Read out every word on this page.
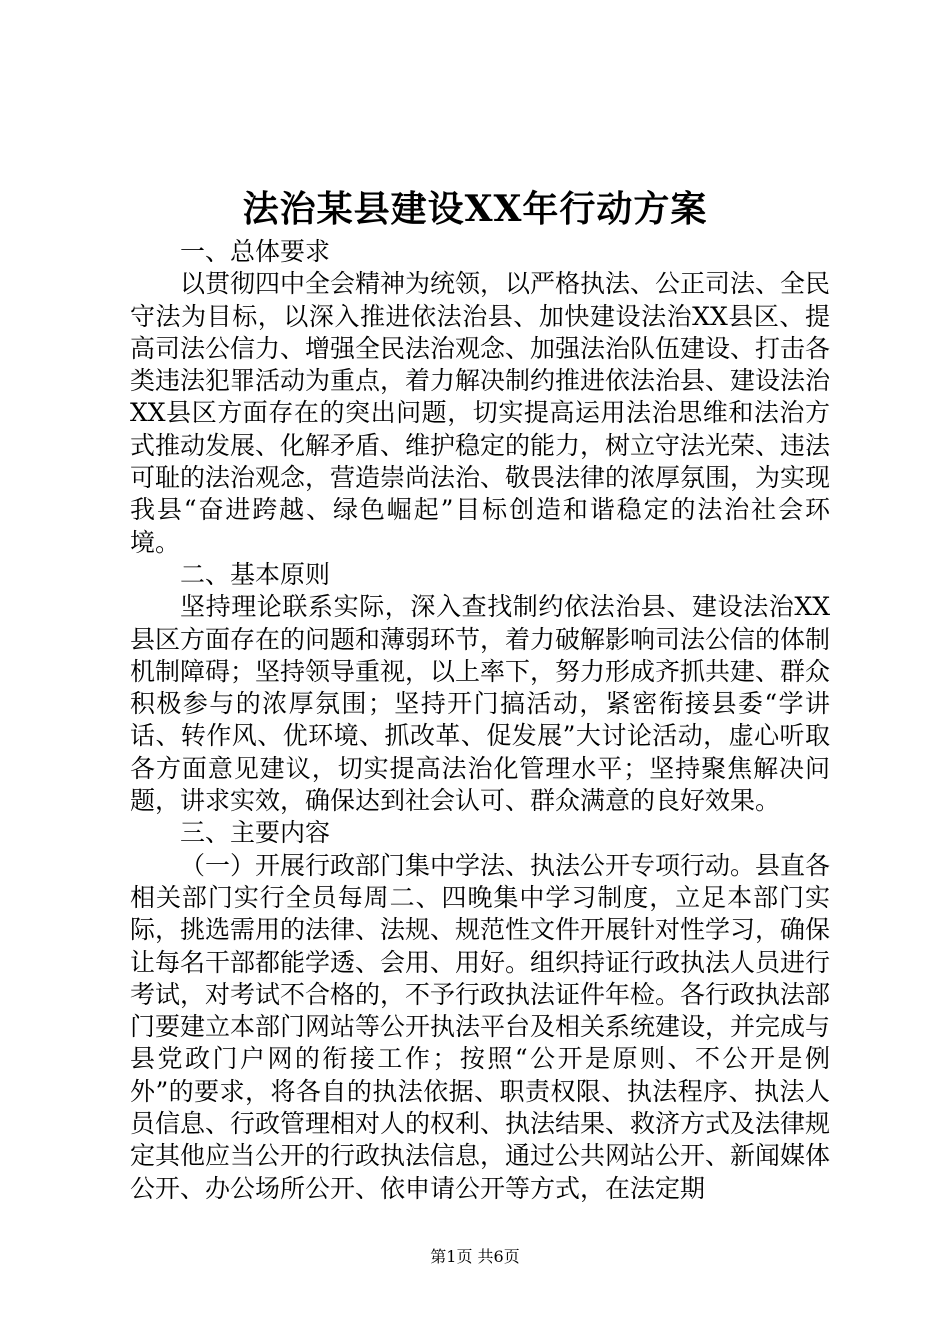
法治某县建设XX年行动方案

一、总体要求

以贯彻四中全会精神为统领，以严格执法、公正司法、全民守法为目标，以深入推进依法治县、加快建设法治XX县区、提高司法公信力、增强全民法治观念、加强法治队伍建设、打击各类违法犯罪活动为重点，着力解决制约推进依法治县、建设法治XX县区方面存在的突出问题，切实提高运用法治思维和法治方式推动发展、化解矛盾、维护稳定的能力，树立守法光荣、违法可耻的法治观念，营造崇尚法治、敬畏法律的浓厚氛围，为实现我县“奋进跨越、绿色崛起”目标创造和谐稳定的法治社会环境。

二、基本原则

坚持理论联系实际，深入查找制约依法治县、建设法治XX县区方面存在的问题和薄弱环节，着力破解影响司法公信的体制机制障碍；坚持领导重视，以上率下，努力形成齐抓共建、群众积极参与的浓厚氛围；坚持开门搞活动，紧密衔接县委“学讲话、转作风、优环境、抓改革、促发展”大讨论活动，虚心听取各方面意见建议，切实提高法治化管理水平；坚持聚焦解决问题，讲求实效，确保达到社会认可、群众满意的良好效果。

三、主要内容

（一）开展行政部门集中学法、执法公开专项行动。县直各相关部门实行全员每周二、四晚集中学习制度，立足本部门实际，挑选需用的法律、法规、规范性文件开展针对性学习，确保让每名干部都能学透、会用、用好。组织持证行政执法人员进行考试，对考试不合格的，不予行政执法证件年检。各行政执法部门要建立本部门网站等公开执法平台及相关系统建设，并完成与县党政门户网的衔接工作；按照“公开是原则、不公开是例外”的要求，将各自的执法依据、职责权限、执法程序、执法人员信息、行政管理相对人的权利、执法结果、救济方式及法律规定其他应当公开的行政执法信息，通过公共网站公开、新闻媒体公开、办公场所公开、依申请公开等方式，在法定期

第1页 共6页
